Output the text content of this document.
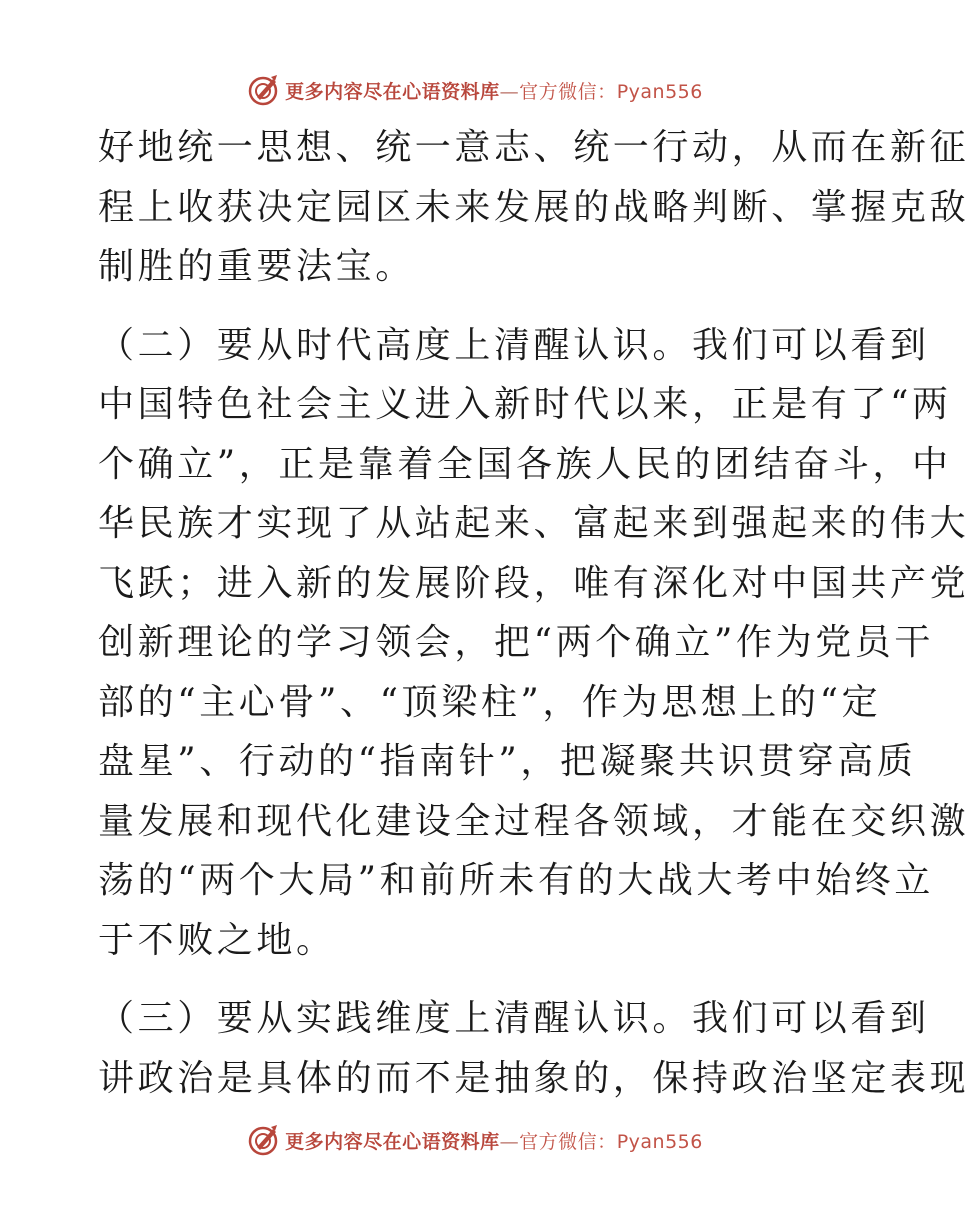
更多内容尽在心语资料库—官方微信：Pyan556
好地统一思想、统一意志、统一行动，从而在新征
程上收获决定园区未来发展的战略判断、掌握克敌
制胜的重要法宝。
（二）要从时代高度上清醒认识。我们可以看到
中国特色社会主义进入新时代以来，正是有了“两
个确立”，正是靠着全国各族人民的团结奋斗，中
华民族才实现了从站起来、富起来到强起来的伟大
飞跃；进入新的发展阶段，唯有深化对中国共产党
创新理论的学习领会，把“两个确立”作为党员干
部的“主心骨”、“顶梁柱”，作为思想上的“定
盘星”、行动的“指南针”，把凝聚共识贯穿高质
量发展和现代化建设全过程各领域，才能在交织激
荡的“两个大局”和前所未有的大战大考中始终立
于不败之地。
（三）要从实践维度上清醒认识。我们可以看到
讲政治是具体的而不是抽象的，保持政治坚定表现
更多内容尽在心语资料库—官方微信：Pyan556
